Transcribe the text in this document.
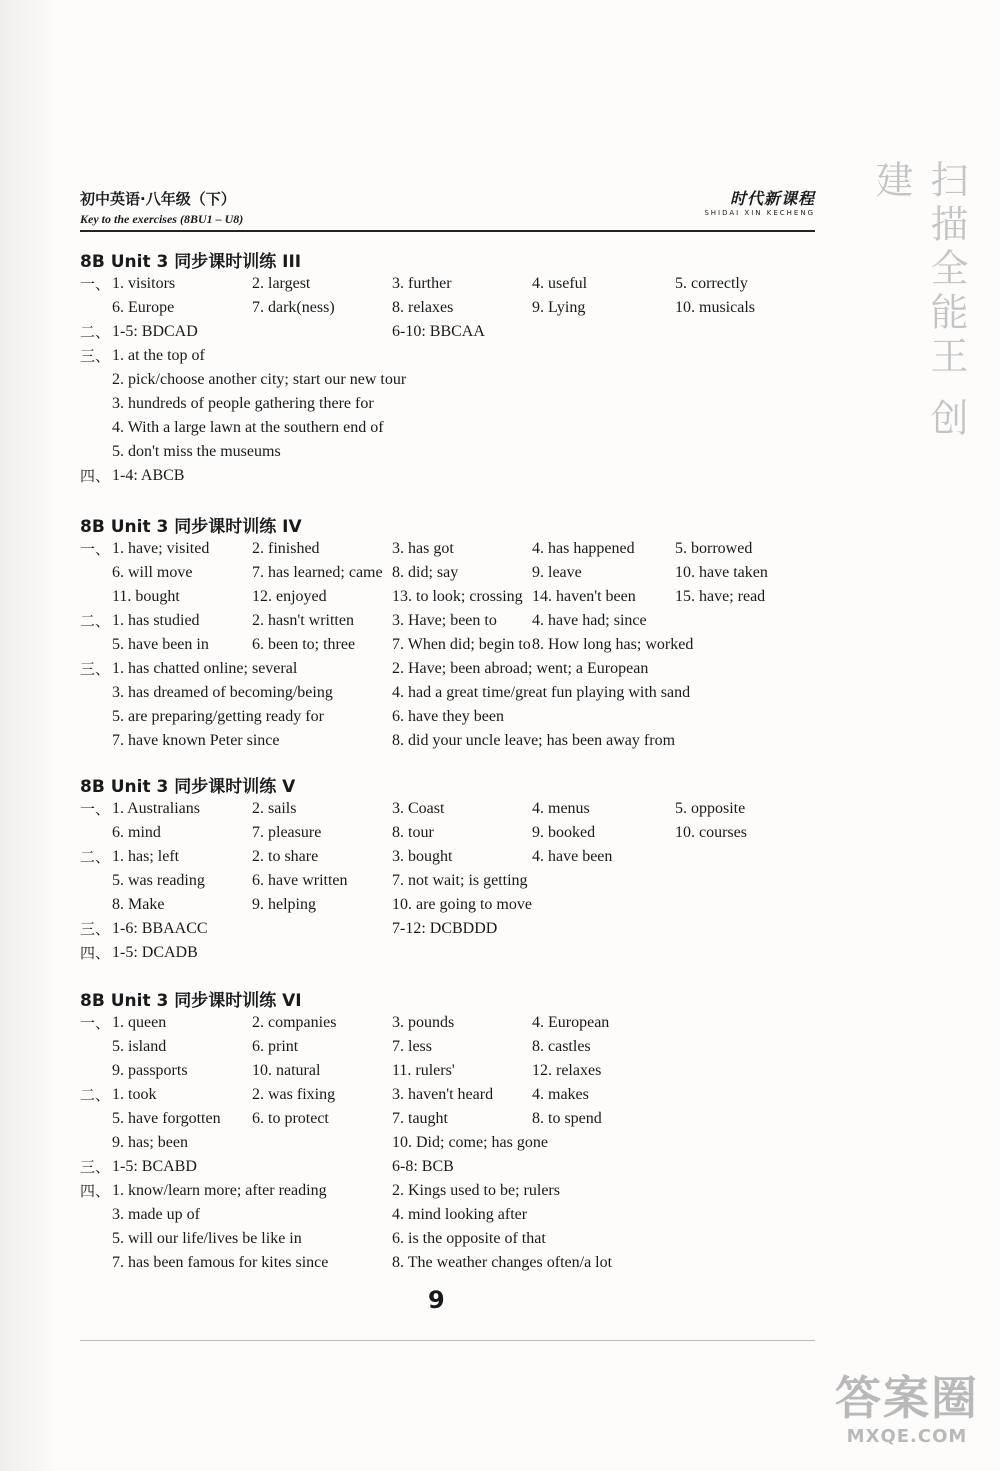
初中英语·八年级（下）
Key to the exercises (8BU1 – U8)
时代新课程
SHIDAI XIN KECHENG	扫描全能王 创建
8B Unit 3 同步课时训练 III
一、 1. visitors	2. largest	3. further	4. useful	5. correctly
6. Europe	7. dark(ness)	8. relaxes	9. Lying	10. musicals
二、 1-5: BDCAD	6-10: BBCAA
三、 1. at the top of
2. pick/choose another city; start our new tour
3. hundreds of people gathering there for
4. With a large lawn at the southern end of
5. don't miss the museums
四、 1-4: ABCB
8B Unit 3 同步课时训练 IV
一、 1. have; visited	2. finished	3. has got	4. has happened	5. borrowed
6. will move	7. has learned; came 8. did; say	9. leave	10. have taken
11. bought	12. enjoyed	13. to look; crossing 14. haven't been 15. have; read
二、 1. has studied	2. hasn't written 3. Have; been to 4. have had; since
5. have been in	6. been to; three 7. When did; begin to 8. How long has; worked
三、 1. has chatted online; several	2. Have; been abroad; went; a European
3. has dreamed of becoming/being	4. had a great time/great fun playing with sand
5. are preparing/getting ready for	6. have they been
7. have known Peter since	8. did your uncle leave; has been away from
8B Unit 3 同步课时训练 V
一、 1. Australians	2. sails	3. Coast	4. menus	5. opposite
6. mind	7. pleasure	8. tour	9. booked	10. courses
二、 1. has; left	2. to share	3. bought	4. have been
5. was reading	6. have written	7. not wait; is getting
8. Make	9. helping	10. are going to move
三、 1-6: BBAACC	7-12: DCBDDD
四、 1-5: DCADB
8B Unit 3 同步课时训练 VI
一、 1. queen	2. companies	3. pounds	4. European
5. island	6. print	7. less	8. castles
9. passports	10. natural	11. rulers'	12. relaxes
二、 1. took	2. was fixing	3. haven't heard 4. makes
5. have forgotten 6. to protect	7. taught	8. to spend
9. has; been	10. Did; come; has gone
三、 1-5: BCABD	6-8: BCB
四、 1. know/learn more; after reading	2. Kings used to be; rulers
3. made up of	4. mind looking after
5. will our life/lives be like in	6. is the opposite of that
7. has been famous for kites since	8. The weather changes often/a lot
9
答案圈
MXQE.COM
